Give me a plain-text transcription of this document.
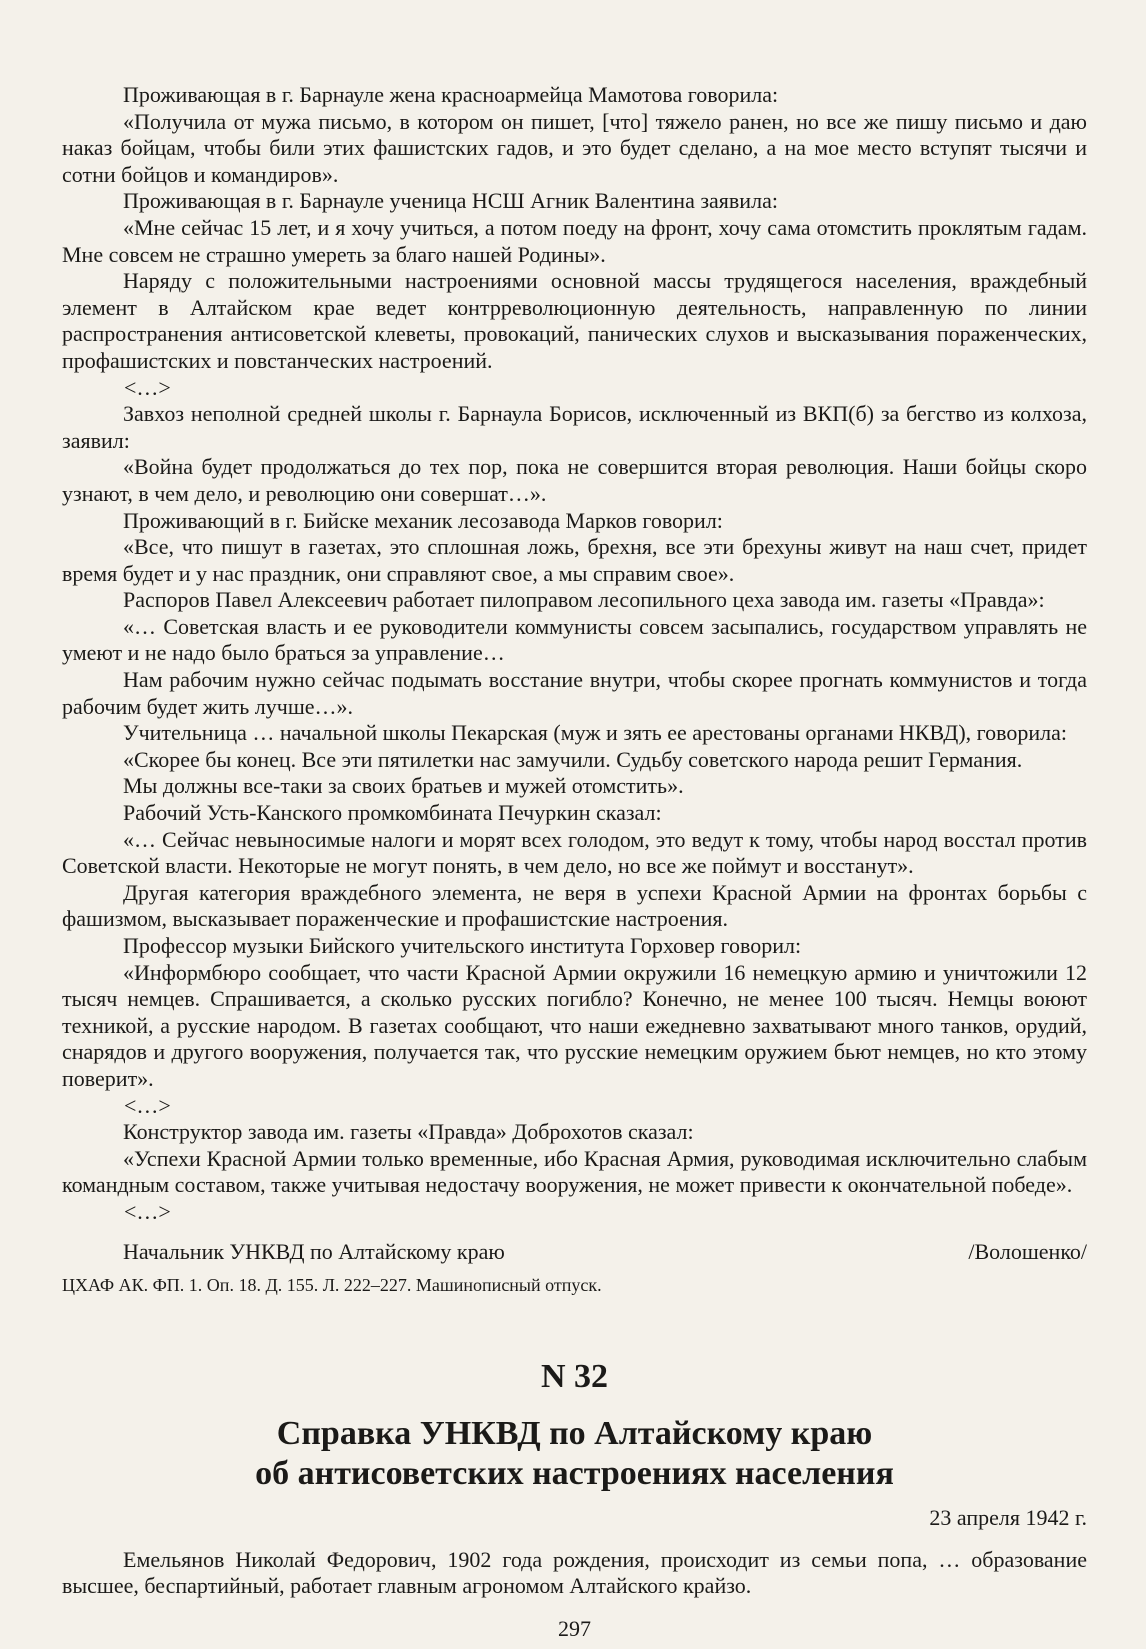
Проживающая в г. Барнауле жена красноармейца Мамотова говорила:

«Получила от мужа письмо, в котором он пишет, [что] тяжело ранен, но все же пишу письмо и даю наказ бойцам, чтобы били этих фашистских гадов, и это будет сделано, а на мое место вступят тысячи и сотни бойцов и командиров».

Проживающая в г. Барнауле ученица НСШ Агник Валентина заявила:

«Мне сейчас 15 лет, и я хочу учиться, а потом поеду на фронт, хочу сама отомстить проклятым гадам. Мне совсем не страшно умереть за благо нашей Родины».

Наряду с положительными настроениями основной массы трудящегося населения, враждебный элемент в Алтайском крае ведет контрреволюционную деятельность, направленную по линии распространения антисоветской клеветы, провокаций, панических слухов и высказывания пораженческих, профашистских и повстанческих настроений.

<…>

Завхоз неполной средней школы г. Барнаула Борисов, исключенный из ВКП(б) за бегство из колхоза, заявил:

«Война будет продолжаться до тех пор, пока не совершится вторая революция. Наши бойцы скоро узнают, в чем дело, и революцию они совершат…».

Проживающий в г. Бийске механик лесозавода Марков говорил:

«Все, что пишут в газетах, это сплошная ложь, брехня, все эти брехуны живут на наш счет, придет время будет и у нас праздник, они справляют свое, а мы справим свое».

Распоров Павел Алексеевич работает пилоправом лесопильного цеха завода им. газеты «Правда»:

«… Советская власть и ее руководители коммунисты совсем засыпались, государством управлять не умеют и не надо было браться за управление…

Нам рабочим нужно сейчас подымать восстание внутри, чтобы скорее прогнать коммунистов и тогда рабочим будет жить лучше…».

Учительница … начальной школы Пекарская (муж и зять ее арестованы органами НКВД), говорила:

«Скорее бы конец. Все эти пятилетки нас замучили. Судьбу советского народа решит Германия.

Мы должны все-таки за своих братьев и мужей отомстить».

Рабочий Усть-Канского промкомбината Печуркин сказал:

«… Сейчас невыносимые налоги и морят всех голодом, это ведут к тому, чтобы народ восстал против Советской власти. Некоторые не могут понять, в чем дело, но все же поймут и восстанут».

Другая категория враждебного элемента, не веря в успехи Красной Армии на фронтах борьбы с фашизмом, высказывает пораженческие и профашистские настроения.

Профессор музыки Бийского учительского института Горховер говорил:

«Информбюро сообщает, что части Красной Армии окружили 16 немецкую армию и уничтожили 12 тысяч немцев. Спрашивается, а сколько русских погибло? Конечно, не менее 100 тысяч. Немцы воюют техникой, а русские народом. В газетах сообщают, что наши ежедневно захватывают много танков, орудий, снарядов и другого вооружения, получается так, что русские немецким оружием бьют немцев, но кто этому поверит».

<…>

Конструктор завода им. газеты «Правда» Доброхотов сказал:

«Успехи Красной Армии только временные, ибо Красная Армия, руководимая исключительно слабым командным составом, также учитывая недостачу вооружения, не может привести к окончательной победе».

<…>

Начальник УНКВД по Алтайскому краю	/Волошенко/
ЦХАФ АК. ФП. 1. Оп. 18. Д. 155. Л. 222–227. Машинописный отпуск.
N 32
Справка УНКВД по Алтайскому краю
об антисоветских настроениях населения
23 апреля 1942 г.

Емельянов Николай Федорович, 1902 года рождения, происходит из семьи попа, … образование высшее, беспартийный, работает главным агрономом Алтайского крайзо.

297
